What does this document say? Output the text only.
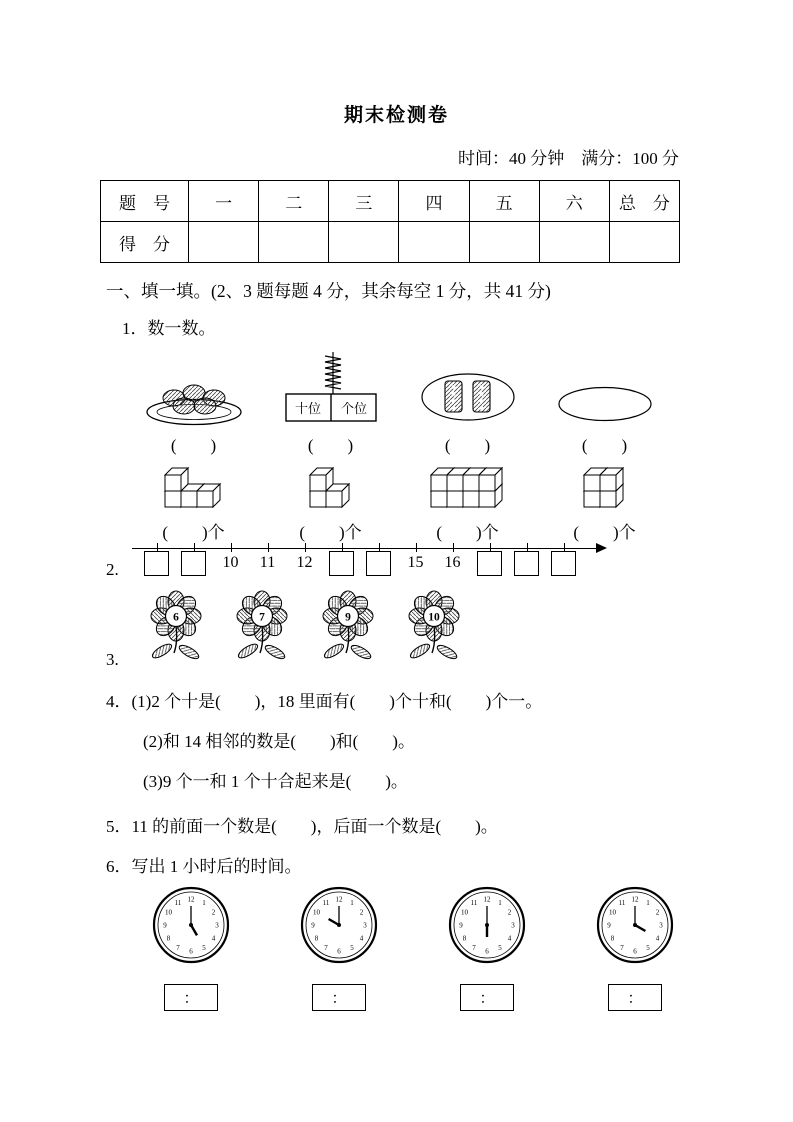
期末检测卷
时间：40 分钟　满分：100 分
题　号	一	二	三	四	五	六	总　分
得　分							
一、填一填。(2、3 题每题 4 分，其余每空 1 分，共 41 分)
1．数一数。
(　　)
十位 个位
(　　)	(　　)	(　　)
(　　)个	(　　)个	(　　)个	(　　)个
2.	10 11 12	15 16
3.
6	7	9	10
4．(1)2 个十是(　　)，18 里面有(　　)个十和(　　)个一。
(2)和 14 相邻的数是(　　)和(　　)。
(3)9 个一和 1 个十合起来是(　　)。
5．11 的前面一个数是(　　)，后面一个数是(　　)。
6．写出 1 小时后的时间。
12 1
2
3
4
5
6
7
8
9
10
11
：
12 1
2
3
4
5
6
7
8
9
10
11
：
12 1
2
3
4
5
6
7
8
9
10
11
：
12 1
2
3
4
5
6
7
8
9
10
11
：
